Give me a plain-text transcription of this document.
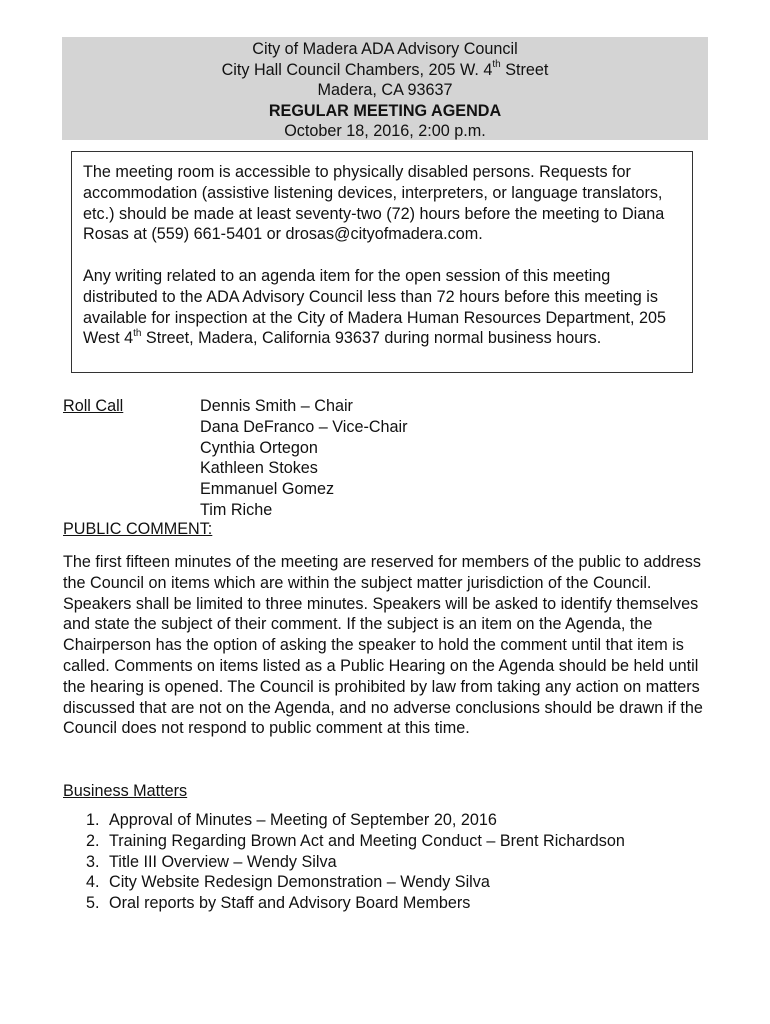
City of Madera ADA Advisory Council
City Hall Council Chambers, 205 W. 4th Street
Madera, CA 93637
REGULAR MEETING AGENDA
October 18, 2016, 2:00 p.m.

The meeting room is accessible to physically disabled persons. Requests for accommodation (assistive listening devices, interpreters, or language translators, etc.) should be made at least seventy-two (72) hours before the meeting to Diana Rosas at (559) 661-5401 or drosas@cityofmadera.com.

Any writing related to an agenda item for the open session of this meeting distributed to the ADA Advisory Council less than 72 hours before this meeting is available for inspection at the City of Madera Human Resources Department, 205 West 4th Street, Madera, California 93637 during normal business hours.

Roll Call	Dennis Smith – Chair
Dana DeFranco – Vice-Chair
Cynthia Ortegon
Kathleen Stokes
Emmanuel Gomez
Tim Riche
PUBLIC COMMENT:

The first fifteen minutes of the meeting are reserved for members of the public to address the Council on items which are within the subject matter jurisdiction of the Council. Speakers shall be limited to three minutes. Speakers will be asked to identify themselves and state the subject of their comment. If the subject is an item on the Agenda, the Chairperson has the option of asking the speaker to hold the comment until that item is called. Comments on items listed as a Public Hearing on the Agenda should be held until the hearing is opened. The Council is prohibited by law from taking any action on matters discussed that are not on the Agenda, and no adverse conclusions should be drawn if the Council does not respond to public comment at this time.

Business Matters
1. Approval of Minutes – Meeting of September 20, 2016
2. Training Regarding Brown Act and Meeting Conduct – Brent Richardson
3. Title III Overview – Wendy Silva
4. City Website Redesign Demonstration – Wendy Silva
5. Oral reports by Staff and Advisory Board Members
